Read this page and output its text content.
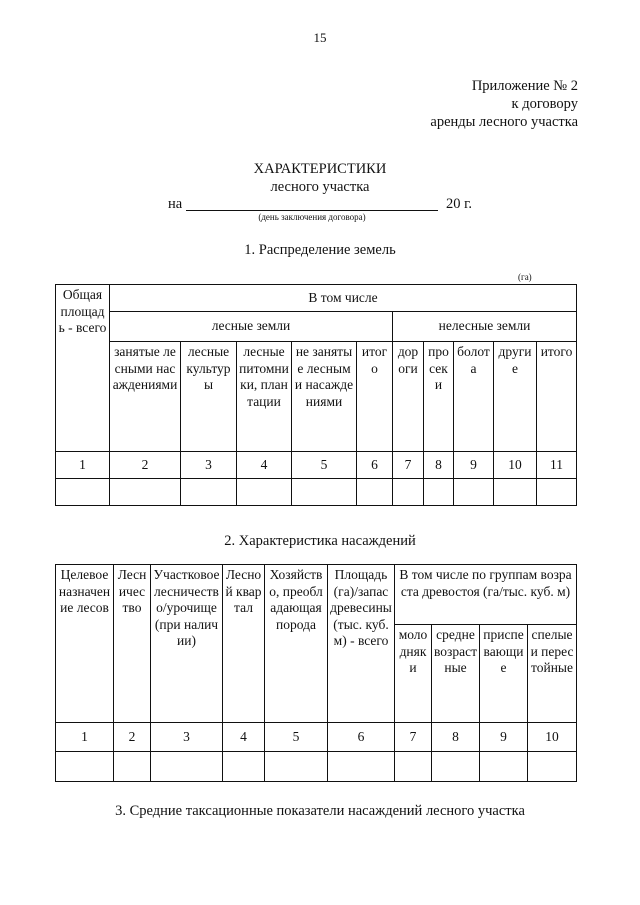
15
Приложение № 2
к договору
аренды лесного участка
ХАРАКТЕРИСТИКИ
лесного участка
на	20 г.
(день заключения договора)
1. Распределение земель
(га)
Общая площадь - всего	В том числе									
	лесные земли					нелесные земли				
	занятые лесными насаждениями	лесные культуры	лесные питомники, плантации	не занятые лесным и насаждениями	итого	дороги	просеки	болота	другие	итого
1	2	3	4	5	6	7	8	9	10	11

2. Характеристика насаждений
Целевое назначение лесов	Лесничество	Участковое лесничество/урочище (при наличии)	Лесной квартал	Хозяйство, преобладающая порода	Площадь (га)/запас древесины (тыс. куб. м) - всего	В том числе по группам возраста древостоя (га/тыс. куб. м)			
						молодняки	средневозрастные	приспевающие	спелые и перестойные
1	2	3	4	5	6	7	8	9	10

3. Средние таксационные показатели насаждений лесного участка
